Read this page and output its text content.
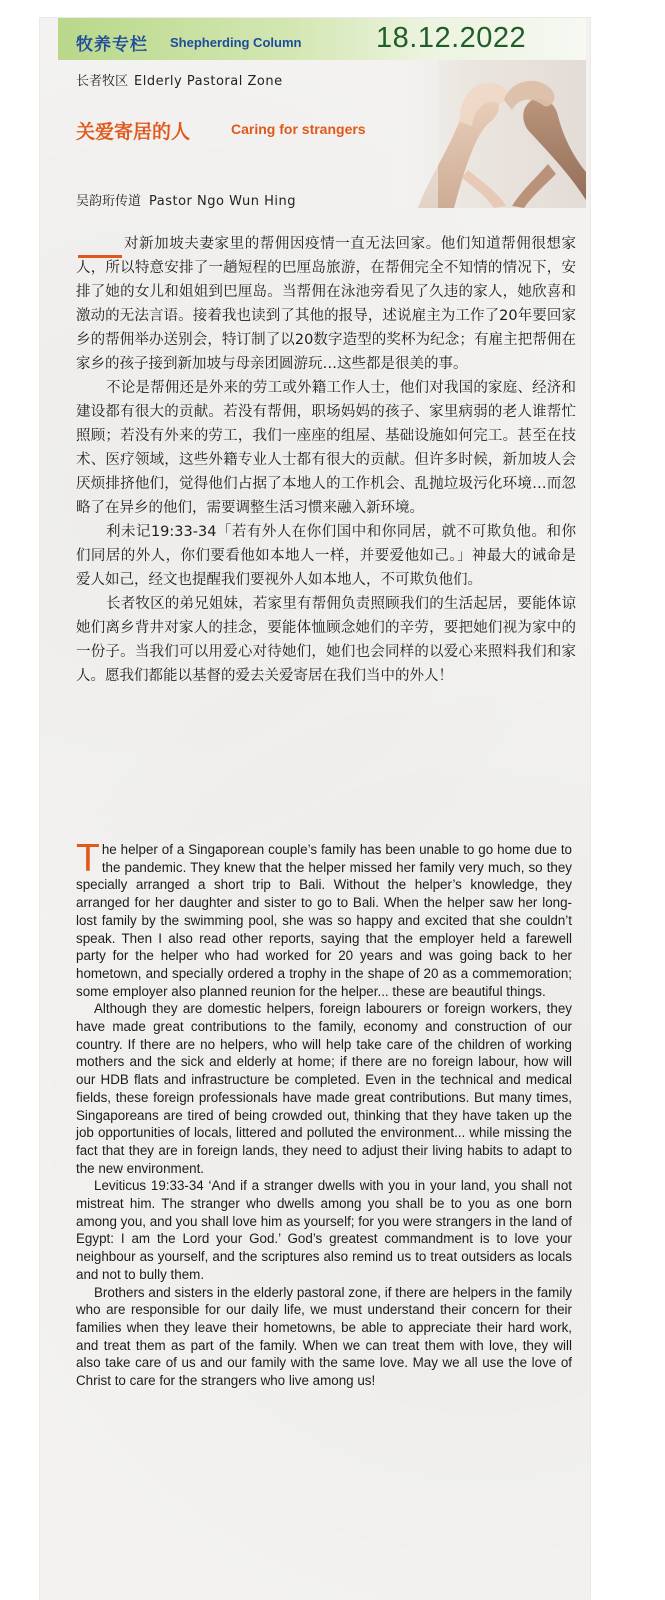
牧养专栏 Shepherding Column	18.12.2022
长者牧区 Elderly Pastoral Zone
关爱寄居的人	Caring for strangers
吴韵珩传道 Pastor Ngo Wun Hing

对新加坡夫妻家里的帮佣因疫情一直无法回家。他们知道帮佣很想家人，所以特意安排了一趟短程的巴厘岛旅游，在帮佣完全不知情的情况下，安排了她的女儿和姐姐到巴厘岛。当帮佣在泳池旁看见了久违的家人，她欣喜和激动的无法言语。接着我也读到了其他的报导，述说雇主为工作了20年要回家乡的帮佣举办送别会，特订制了以20数字造型的奖杯为纪念；有雇主把帮佣在家乡的孩子接到新加坡与母亲团圆游玩…这些都是很美的事。

不论是帮佣还是外来的劳工或外籍工作人士，他们对我国的家庭、经济和建设都有很大的贡献。若没有帮佣，职场妈妈的孩子、家里病弱的老人谁帮忙照顾；若没有外来的劳工，我们一座座的组屋、基础设施如何完工。甚至在技术、医疗领域，这些外籍专业人士都有很大的贡献。但许多时候，新加坡人会厌烦排挤他们，觉得他们占据了本地人的工作机会、乱抛垃圾污化环境…而忽略了在异乡的他们，需要调整生活习惯来融入新环境。

利未记19:33-34「若有外人在你们国中和你同居，就不可欺负他。和你们同居的外人，你们要看他如本地人一样，并要爱他如己。」神最大的诫命是爱人如己，经文也提醒我们要视外人如本地人，不可欺负他们。

长者牧区的弟兄姐妹，若家里有帮佣负责照顾我们的生活起居，要能体谅她们离乡背井对家人的挂念，要能体恤顾念她们的辛劳，要把她们视为家中的一份子。当我们可以用爱心对待她们，她们也会同样的以爱心来照料我们和家人。愿我们都能以基督的爱去关爱寄居在我们当中的外人！

The helper of a Singaporean couple’s family has been unable to go home due to the pandemic. They knew that the helper missed her family very much, so they specially arranged a short trip to Bali. Without the helper’s knowledge, they arranged for her daughter and sister to go to Bali. When the helper saw her long-lost family by the swimming pool, she was so happy and excited that she couldn’t speak. Then I also read other reports, saying that the employer held a farewell party for the helper who had worked for 20 years and was going back to her hometown, and specially ordered a trophy in the shape of 20 as a commemoration; some employer also planned reunion for the helper... these are beautiful things.

Although they are domestic helpers, foreign labourers or foreign workers, they have made great contributions to the family, economy and construction of our country. If there are no helpers, who will help take care of the children of working mothers and the sick and elderly at home; if there are no foreign labour, how will our HDB flats and infrastructure be completed. Even in the technical and medical fields, these foreign professionals have made great contributions. But many times, Singaporeans are tired of being crowded out, thinking that they have taken up the job opportunities of locals, littered and polluted the environment... while missing the fact that they are in foreign lands, they need to adjust their living habits to adapt to the new environment.

Leviticus 19:33-34 ‘And if a stranger dwells with you in your land, you shall not mistreat him. The stranger who dwells among you shall be to you as one born among you, and you shall love him as yourself; for you were strangers in the land of Egypt: I am the Lord your God.’ God’s greatest commandment is to love your neighbour as yourself, and the scriptures also remind us to treat outsiders as locals and not to bully them.

Brothers and sisters in the elderly pastoral zone, if there are helpers in the family who are responsible for our daily life, we must understand their concern for their families when they leave their hometowns, be able to appreciate their hard work, and treat them as part of the family. When we can treat them with love, they will also take care of us and our family with the same love. May we all use the love of Christ to care for the strangers who live among us!
